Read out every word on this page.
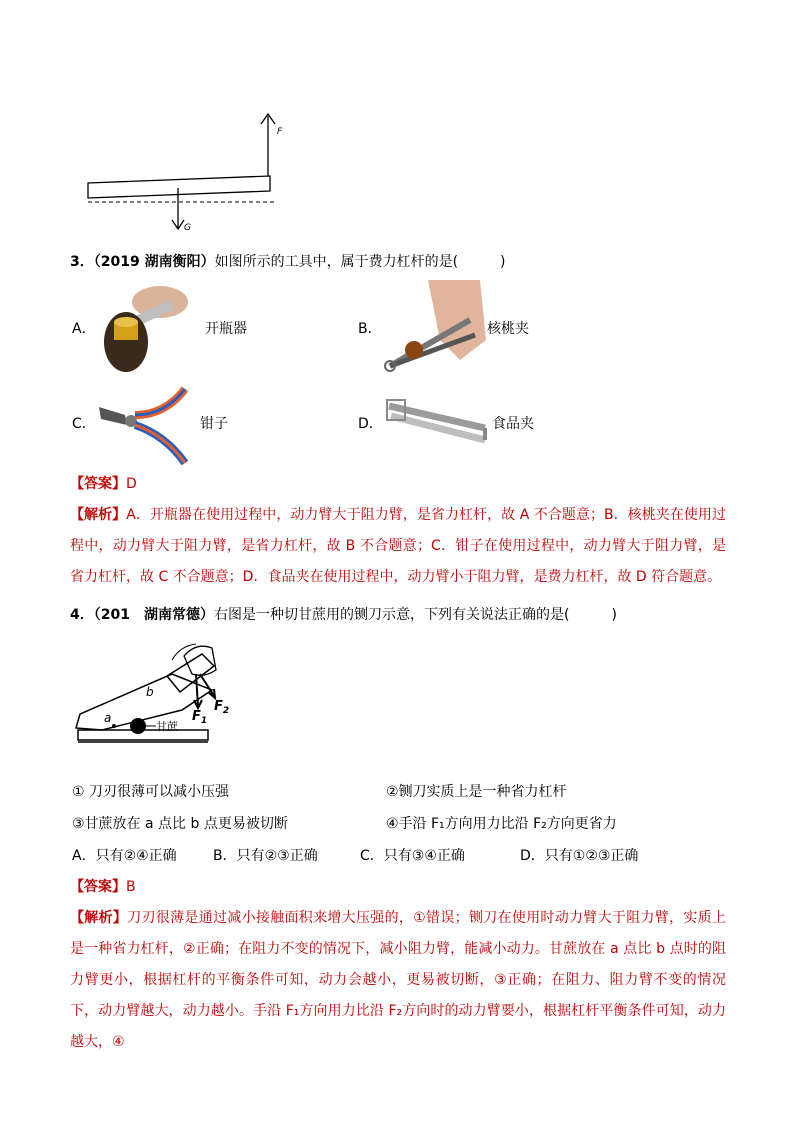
F
G
3．（2019 湖南衡阳）如图所示的工具中，属于费力杠杆的是(　　　)
A．	开瓶器	B．	核桃夹
C．	钳子	D．	食品夹
【答案】D
【解析】A．开瓶器在使用过程中，动力臂大于阻力臂，是省力杠杆，故 A 不合题意；B．核桃夹在使用过程中，动力臂大于阻力臂，是省力杠杆，故 B 不合题意；C．钳子在使用过程中，动力臂大于阻力臂，是省力杠杆，故 C 不合题意；D．食品夹在使用过程中，动力臂小于阻力臂，是费力杠杆，故 D 符合题意。
4．（201　湖南常德）右图是一种切甘蔗用的铡刀示意，下列有关说法正确的是(　　　)
甘蔗
a
b
$F_1$
$F_2$
① 刀刃很薄可以减小压强	②铡刀实质上是一种省力杠杆
③甘蔗放在 a 点比 b 点更易被切断	④手沿 F₁方向用力比沿 F₂方向更省力
A．只有②④正确	B．只有②③正确	C．只有③④正确	D．只有①②③正确
【答案】B
【解析】刀刃很薄是通过减小接触面积来增大压强的，①错误；铡刀在使用时动力臂大于阻力臂，实质上是一种省力杠杆，②正确；在阻力不变的情况下，减小阻力臂，能减小动力。甘蔗放在 a 点比 b 点时的阻力臂更小，根据杠杆的平衡条件可知，动力会越小，更易被切断，③正确；在阻力、阻力臂不变的情况下，动力臂越大，动力越小。手沿 F₁方向用力比沿 F₂方向时的动力臂要小，根据杠杆平衡条件可知，动力越大，④
